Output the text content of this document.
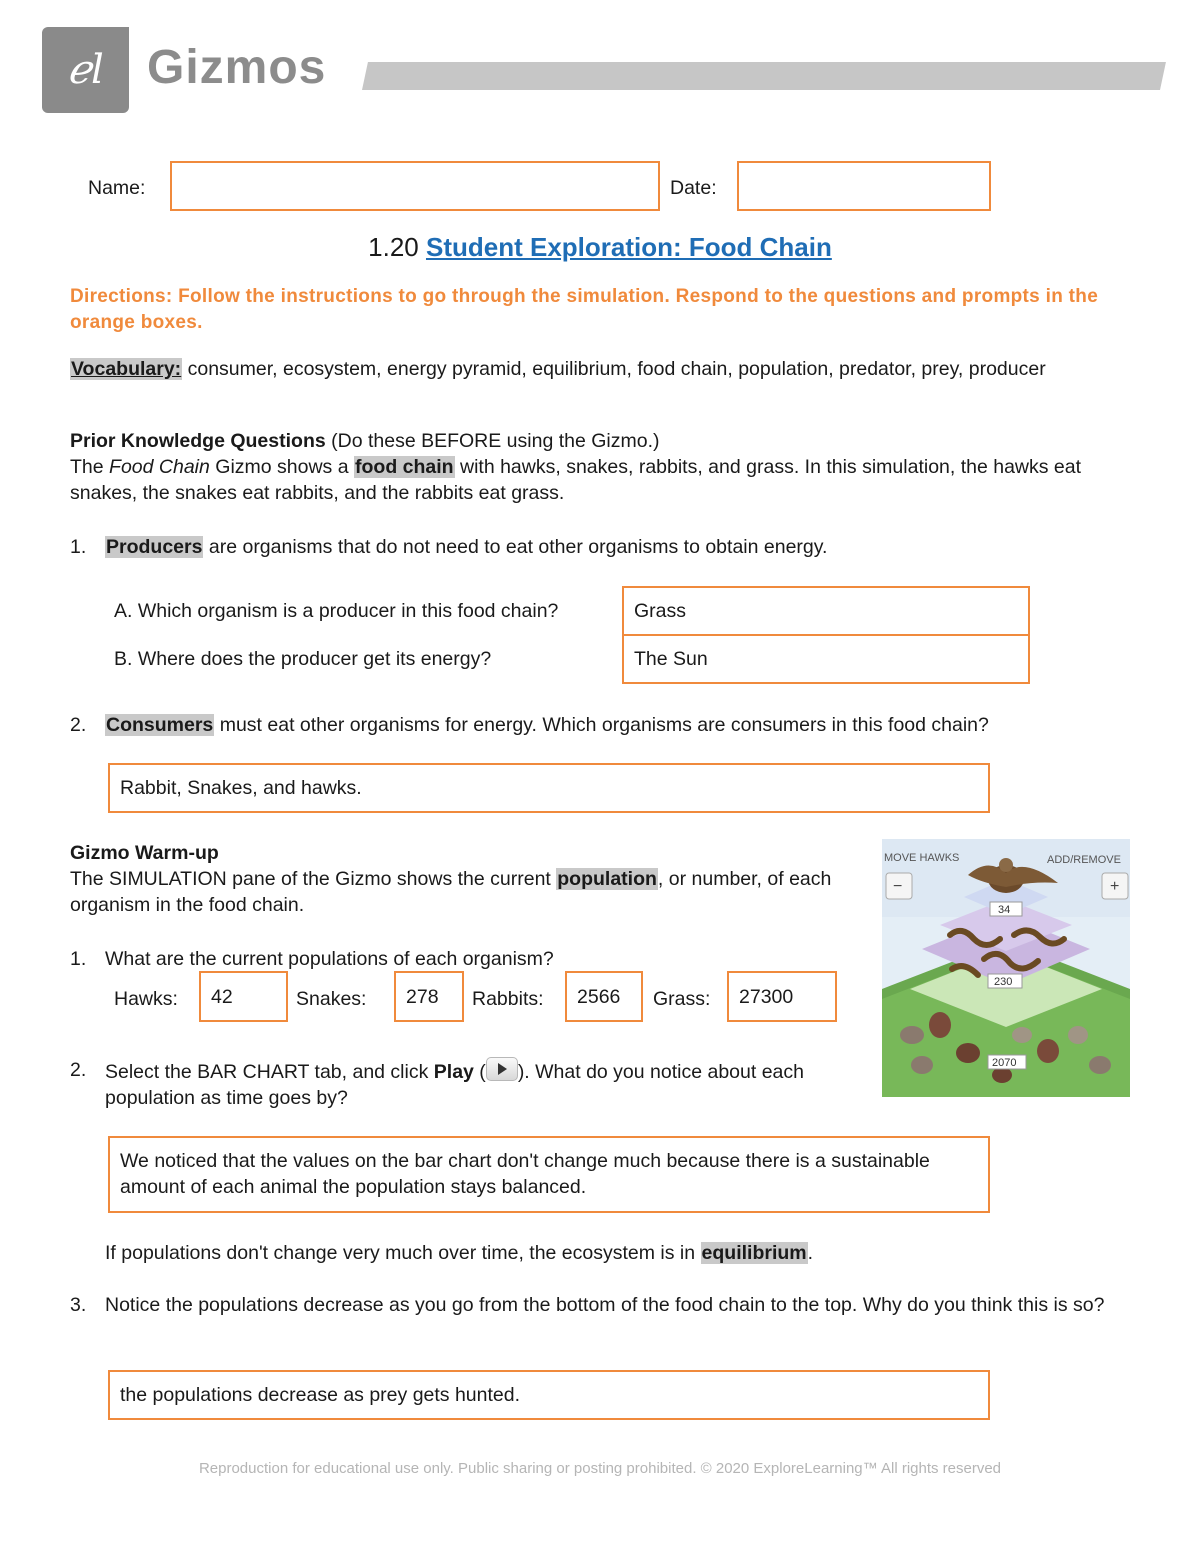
ℯl Gizmos
Name:	Date:
1.20 Student Exploration: Food Chain
Directions: Follow the instructions to go through the simulation. Respond to the questions and prompts in the orange boxes.
Vocabulary: consumer, ecosystem, energy pyramid, equilibrium, food chain, population, predator, prey, producer
Prior Knowledge Questions (Do these BEFORE using the Gizmo.)
The Food Chain Gizmo shows a food chain with hawks, snakes, rabbits, and grass. In this simulation, the hawks eat snakes, the snakes eat rabbits, and the rabbits eat grass.
1. Producers are organisms that do not need to eat other organisms to obtain energy.
A. Which organism is a producer in this food chain?	Grass
B. Where does the producer get its energy?	The Sun
2. Consumers must eat other organisms for energy. Which organisms are consumers in this food chain?
Rabbit, Snakes, and hawks.
Gizmo Warm-up
The SIMULATION pane of the Gizmo shows the current population, or number, of each organism in the food chain.
1. What are the current populations of each organism?
Hawks:	42	Snakes:	278	Rabbits:	2566	Grass:	27300
2. Select the BAR CHART tab, and click Play ( ). What do you notice about each population as time goes by?
We noticed that the values on the bar chart don't change much because there is a sustainable amount of each animal the population stays balanced.
If populations don't change very much over time, the ecosystem is in equilibrium.
3. Notice the populations decrease as you go from the bottom of the food chain to the top. Why do you think this is so?
the populations decrease as prey gets hunted.
MOVE HAWKS	ADD/REMOVE
−	+
34
230
2070
Reproduction for educational use only. Public sharing or posting prohibited. © 2020 ExploreLearning™ All rights reserved
